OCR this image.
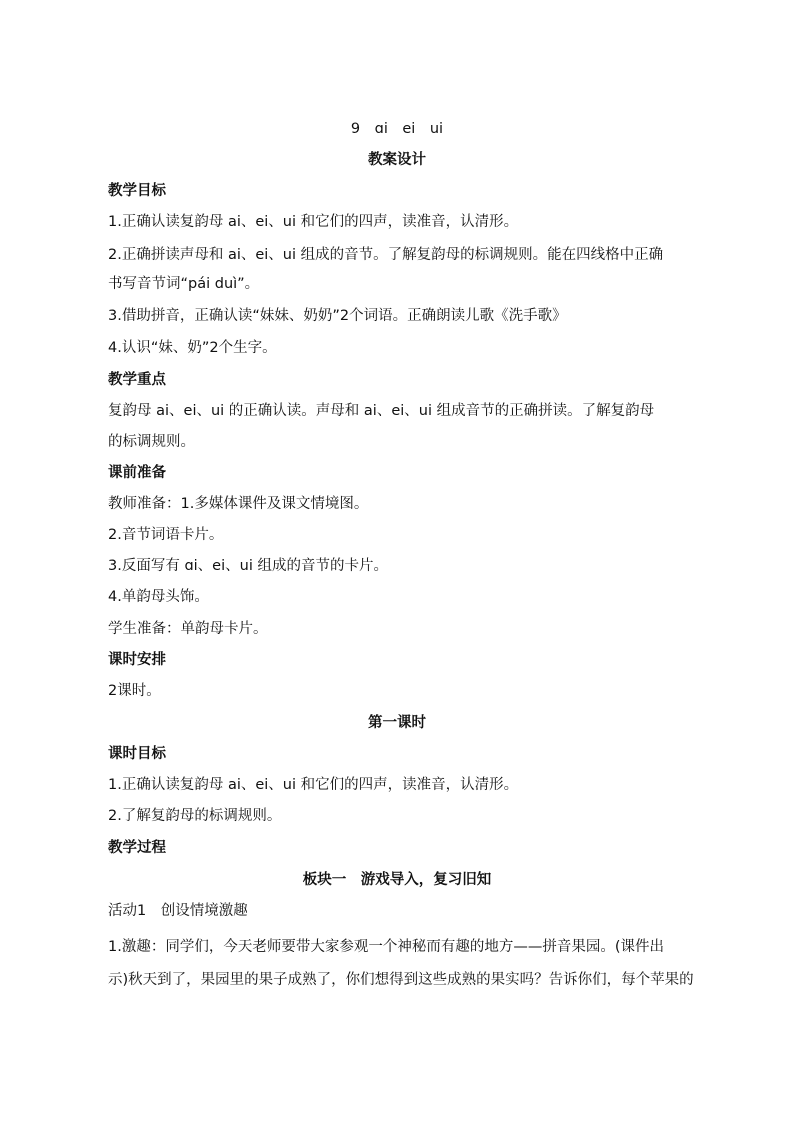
9　ɑi　ei　ui
教案设计
教学目标
1.正确认读复韵母 ai、ei、ui 和它们的四声，读准音，认清形。
2.正确拼读声母和 ai、ei、ui 组成的音节。了解复韵母的标调规则。能在四线格中正确
书写音节词“pái duì”。
3.借助拼音，正确认读“妹妹、奶奶”2个词语。正确朗读儿歌《洗手歌》
4.认识“妹、奶”2个生字。
教学重点
复韵母 ai、ei、ui 的正确认读。声母和 ai、ei、ui 组成音节的正确拼读。了解复韵母
的标调规则。
课前准备
教师准备：1.多媒体课件及课文情境图。
2.音节词语卡片。
3.反面写有 ɑi、ei、ui 组成的音节的卡片。
4.单韵母头饰。
学生准备：单韵母卡片。
课时安排
2课时。
第一课时
课时目标
1.正确认读复韵母 ai、ei、ui 和它们的四声，读准音，认清形。
2.了解复韵母的标调规则。
教学过程
板块一　游戏导入，复习旧知
活动1　创设情境激趣
1.激趣：同学们，今天老师要带大家参观一个神秘而有趣的地方——拼音果园。(课件出
示)秋天到了，果园里的果子成熟了，你们想得到这些成熟的果实吗？告诉你们，每个苹果的
